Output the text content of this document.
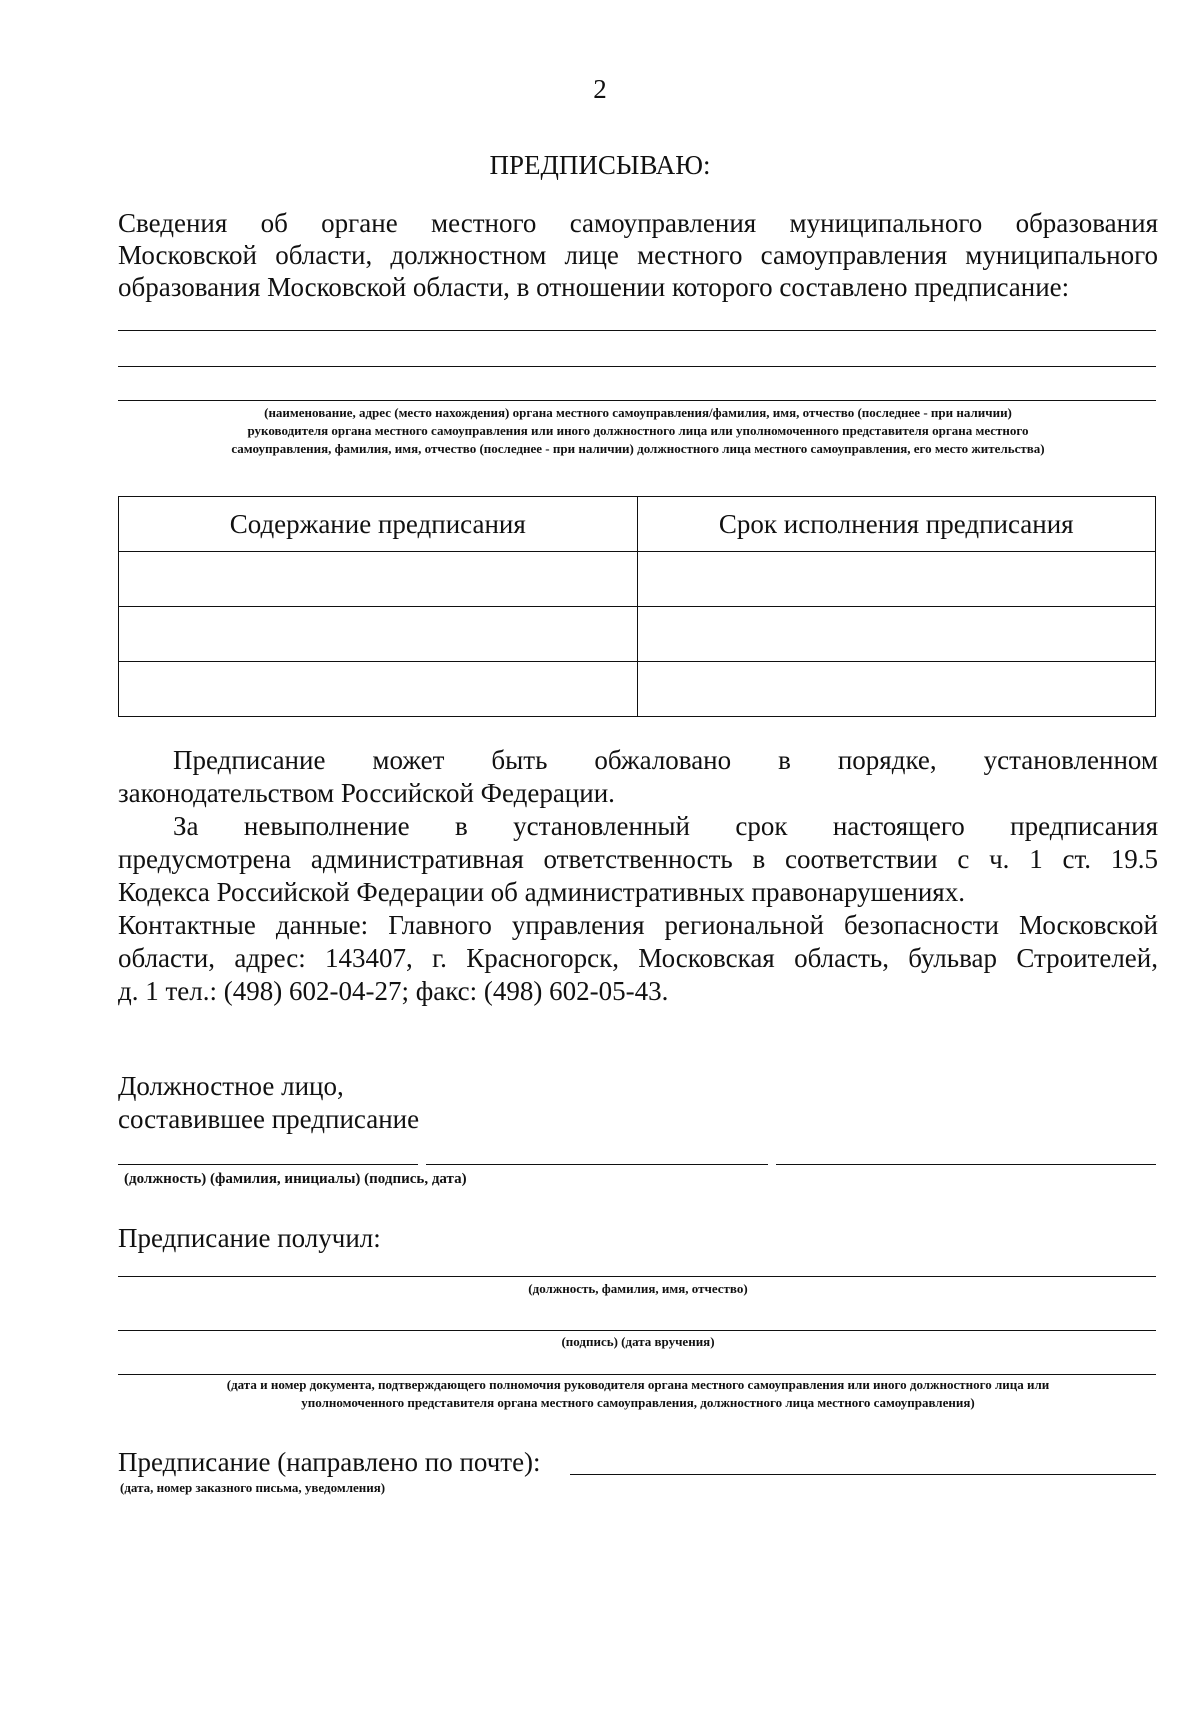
2
ПРЕДПИСЫВАЮ:

Сведения об органе местного самоуправления муниципального образования

Московской области, должностном лице местного самоуправления муниципального

образования Московской области, в отношении которого составлено предписание:

(наименование, адрес (место нахождения) органа местного самоуправления/фамилия, имя, отчество (последнее - при наличии)
руководителя органа местного самоуправления или иного должностного лица или уполномоченного представителя органа местного
самоуправления, фамилия, имя, отчество (последнее - при наличии) должностного лица местного самоуправления, его место жительства)
Содержание предписания	Срок исполнения предписания

Предписание может быть обжаловано в порядке, установленном

законодательством Российской Федерации.

За невыполнение в установленный срок настоящего предписания

предусмотрена административная ответственность в соответствии с ч. 1 ст. 19.5

Кодекса Российской Федерации об административных правонарушениях.

Контактные данные: Главного управления региональной безопасности Московской

области, адрес: 143407, г. Красногорск, Московская область, бульвар Строителей,

д. 1 тел.: (498) 602-04-27; факс: (498) 602-05-43.

Должностное лицо,
составившее предписание
(должность) (фамилия, инициалы) (подпись, дата)
Предписание получил:
(должность, фамилия, имя, отчество)
(подпись) (дата вручения)
(дата и номер документа, подтверждающего полномочия руководителя органа местного самоуправления или иного должностного лица или
уполномоченного представителя органа местного самоуправления, должностного лица местного самоуправления)
Предписание (направлено по почте):
(дата, номер заказного письма, уведомления)
